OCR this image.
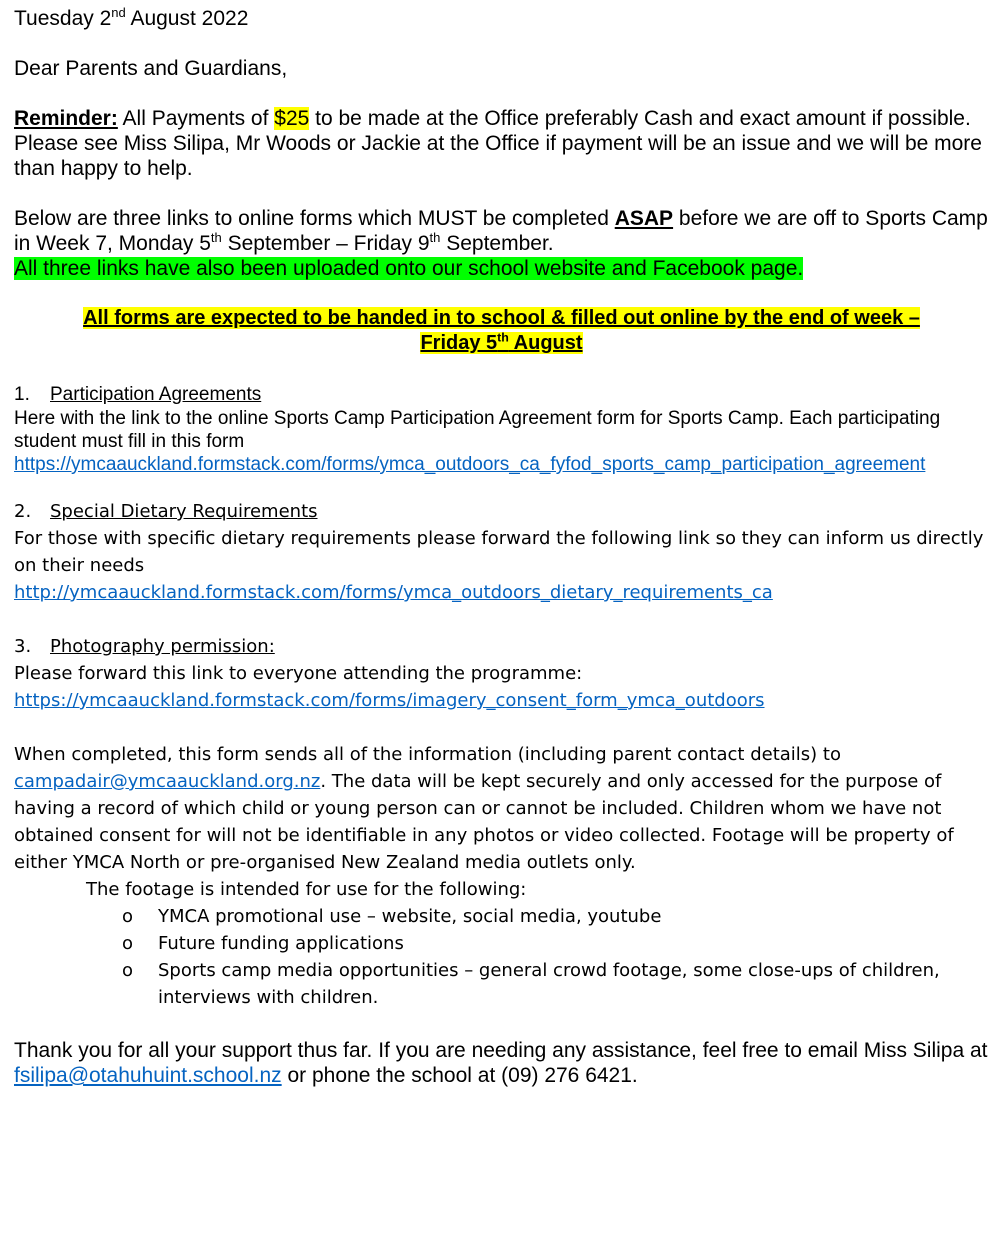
Tuesday 2nd August 2022
Dear Parents and Guardians,
Reminder: All Payments of $25 to be made at the Office preferably Cash and exact amount if possible.
Please see Miss Silipa, Mr Woods or Jackie at the Office if payment will be an issue and we will be more than happy to help.
Below are three links to online forms which MUST be completed ASAP before we are off to Sports Camp in Week 7, Monday 5th September – Friday 9th September.
All three links have also been uploaded onto our school website and Facebook page.
All forms are expected to be handed in to school & filled out online by the end of week –
Friday 5th August
1. Participation Agreements
Here with the link to the online Sports Camp Participation Agreement form for Sports Camp. Each participating student must fill in this form
https://ymcaauckland.formstack.com/forms/ymca_outdoors_ca_fyfod_sports_camp_participation_agreement
2. Special Dietary Requirements
For those with specific dietary requirements please forward the following link so they can inform us directly on their needs
http://ymcaauckland.formstack.com/forms/ymca_outdoors_dietary_requirements_ca
3. Photography permission:
Please forward this link to everyone attending the programme:
https://ymcaauckland.formstack.com/forms/imagery_consent_form_ymca_outdoors
When completed, this form sends all of the information (including parent contact details) to campadair@ymcaauckland.org.nz. The data will be kept securely and only accessed for the purpose of having a record of which child or young person can or cannot be included. Children whom we have not obtained consent for will not be identifiable in any photos or video collected. Footage will be property of either YMCA North or pre-organised New Zealand media outlets only.
The footage is intended for use for the following:
o YMCA promotional use – website, social media, youtube
o Future funding applications
o Sports camp media opportunities – general crowd footage, some close-ups of children, interviews with children.
Thank you for all your support thus far. If you are needing any assistance, feel free to email Miss Silipa at fsilipa@otahuhuint.school.nz or phone the school at (09) 276 6421.
